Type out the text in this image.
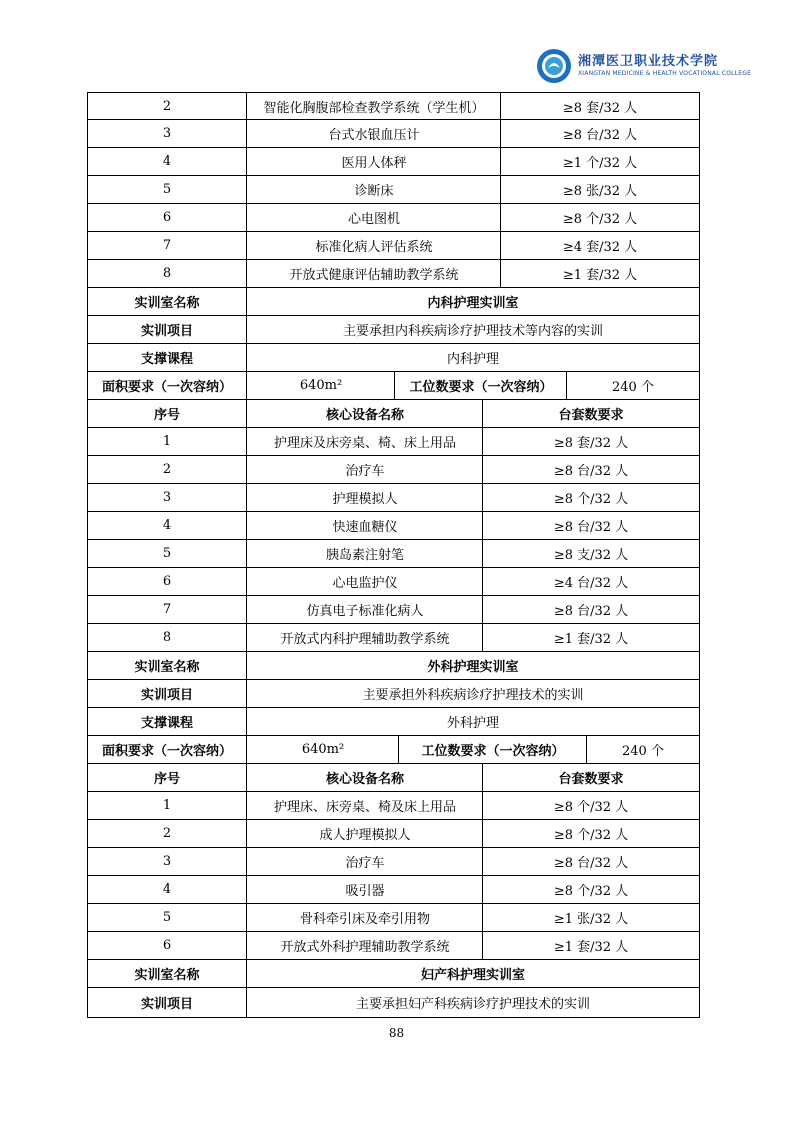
湘潭医卫职业技术学院
XIANGTAN MEDICINE & HEALTH VOCATIONAL COLLEGE
2	智能化胸腹部检查教学系统（学生机）	≥8 套/32 人
3	台式水银血压计	≥8 台/32 人
4	医用人体秤	≥1 个/32 人
5	诊断床	≥8 张/32 人
6	心电图机	≥8 个/32 人
7	标准化病人评估系统	≥4 套/32 人
8	开放式健康评估辅助教学系统	≥1 套/32 人
实训室名称	内科护理实训室
实训项目	主要承担内科疾病诊疗护理技术等内容的实训
支撑课程	内科护理
面积要求（一次容纳）	640m²	工位数要求（一次容纳）	240 个
序号	核心设备名称	台套数要求
1	护理床及床旁桌、椅、床上用品	≥8 套/32 人
2	治疗车	≥8 台/32 人
3	护理模拟人	≥8 个/32 人
4	快速血糖仪	≥8 台/32 人
5	胰岛素注射笔	≥8 支/32 人
6	心电监护仪	≥4 台/32 人
7	仿真电子标准化病人	≥8 台/32 人
8	开放式内科护理辅助教学系统	≥1 套/32 人
实训室名称	外科护理实训室
实训项目	主要承担外科疾病诊疗护理技术的实训
支撑课程	外科护理
面积要求（一次容纳）	640m²	工位数要求（一次容纳）	240 个
序号	核心设备名称	台套数要求
1	护理床、床旁桌、椅及床上用品	≥8 个/32 人
2	成人护理模拟人	≥8 个/32 人
3	治疗车	≥8 台/32 人
4	吸引器	≥8 个/32 人
5	骨科牵引床及牵引用物	≥1 张/32 人
6	开放式外科护理辅助教学系统	≥1 套/32 人
实训室名称	妇产科护理实训室
实训项目	主要承担妇产科疾病诊疗护理技术的实训
88
